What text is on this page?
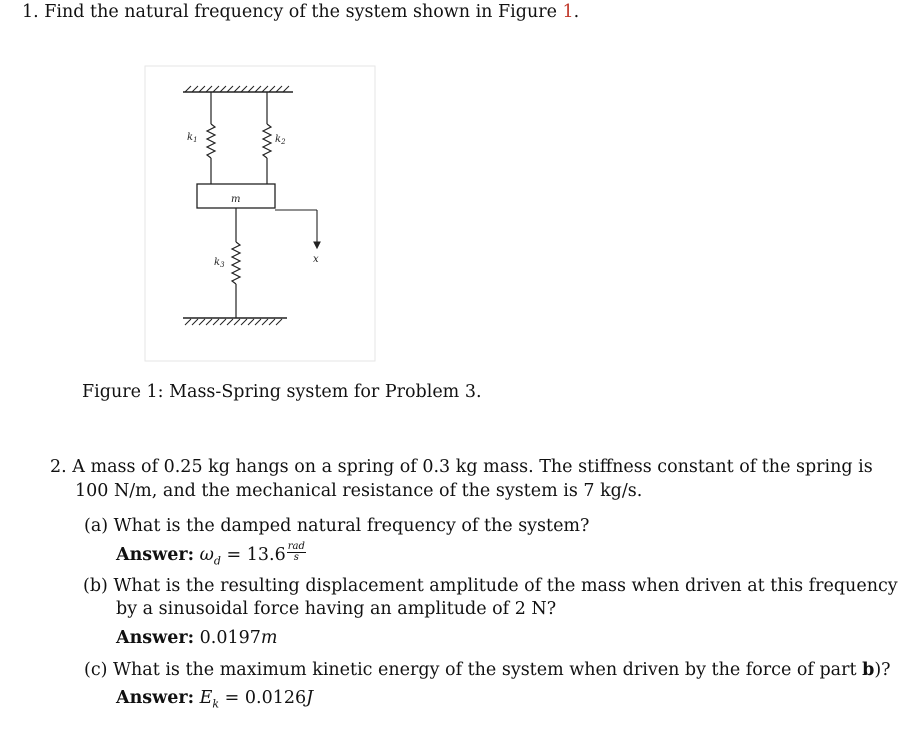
1. Find the natural frequency of the system shown in Figure 1.
$k_1$	$k_2$
m
$k_3$	x
Figure 1: Mass-Spring system for Problem 3.
2. A mass of 0.25 kg hangs on a spring of 0.3 kg mass. The stiffness constant of the spring is
100 N/m, and the mechanical resistance of the system is 7 kg/s.
(a) What is the damped natural frequency of the system?
Answer: $\omega_d = 13.6 \frac{\text{rad}}{s}$
(b) What is the resulting displacement amplitude of the mass when driven at this frequency
by a sinusoidal force having an amplitude of 2 N?
Answer: 0.0197m
(c) What is the maximum kinetic energy of the system when driven by the force of part b)?
Answer: $E_k = 0.0126J$
